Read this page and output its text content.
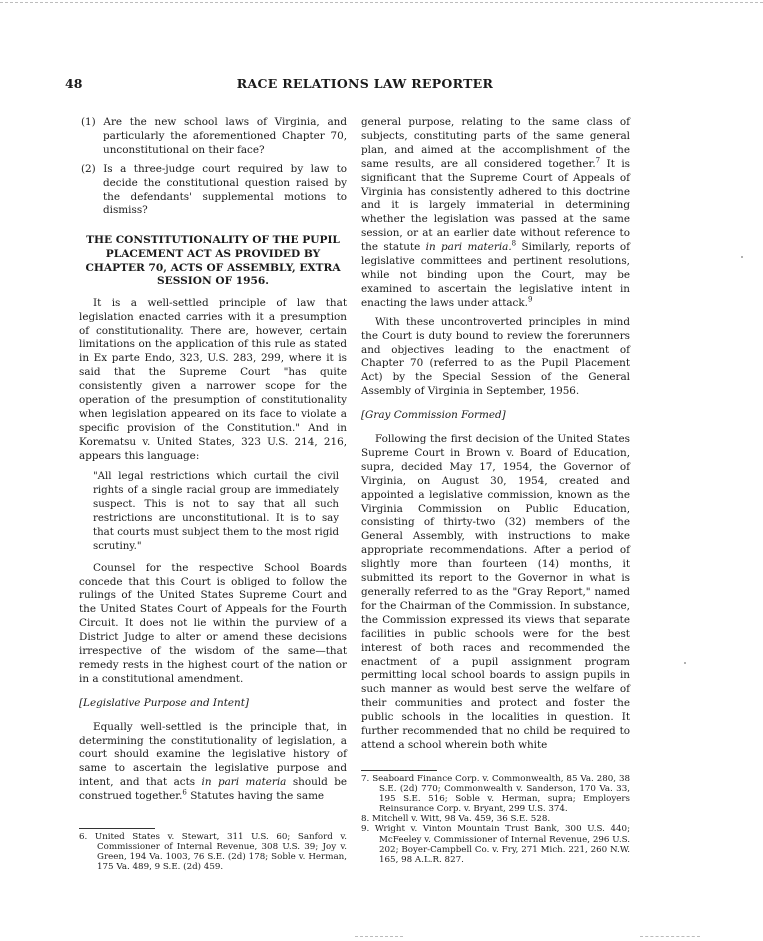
48	RACE RELATIONS LAW REPORTER

(1) Are the new school laws of Virginia, and particularly the aforementioned Chapter 70, unconstitutional on their face?

(2) Is a three-judge court required by law to decide the constitutional question raised by the defendants' supplemental motions to dismiss?

THE CONSTITUTIONALITY OF THE PUPIL PLACEMENT ACT AS PROVIDED BY CHAPTER 70, ACTS OF ASSEMBLY, EXTRA SESSION OF 1956.

It is a well-settled principle of law that legislation enacted carries with it a presumption of constitutionality. There are, however, certain limitations on the application of this rule as stated in Ex parte Endo, 323, U.S. 283, 299, where it is said that the Supreme Court "has quite consistently given a narrower scope for the operation of the presumption of constitutionality when legislation appeared on its face to violate a specific provision of the Constitution." And in Korematsu v. United States, 323 U.S. 214, 216, appears this language:

"All legal restrictions which curtail the civil rights of a single racial group are immediately suspect. This is not to say that all such restrictions are unconstitutional. It is to say that courts must subject them to the most rigid scrutiny."

Counsel for the respective School Boards concede that this Court is obliged to follow the rulings of the United States Supreme Court and the United States Court of Appeals for the Fourth Circuit. It does not lie within the purview of a District Judge to alter or amend these decisions irrespective of the wisdom of the same—that remedy rests in the highest court of the nation or in a constitutional amendment.

[Legislative Purpose and Intent]

Equally well-settled is the principle that, in determining the constitutionality of legislation, a court should examine the legislative history of same to ascertain the legislative purpose and intent, and that acts in pari materia should be construed together.$^6$ Statutes having the same

6. United States v. Stewart, 311 U.S. 60; Sanford v. Commissioner of Internal Revenue, 308 U.S. 39; Joy v. Green, 194 Va. 1003, 76 S.E. (2d) 178; Soble v. Herman, 175 Va. 489, 9 S.E. (2d) 459.

general purpose, relating to the same class of subjects, constituting parts of the same general plan, and aimed at the accomplishment of the same results, are all considered together.$^7$ It is significant that the Supreme Court of Appeals of Virginia has consistently adhered to this doctrine and it is largely immaterial in determining whether the legislation was passed at the same session, or at an earlier date without reference to the statute in pari materia.$^8$ Similarly, reports of legislative committees and pertinent resolutions, while not binding upon the Court, may be examined to ascertain the legislative intent in enacting the laws under attack.$^9$

With these uncontroverted principles in mind the Court is duty bound to review the forerunners and objectives leading to the enactment of Chapter 70 (referred to as the Pupil Placement Act) by the Special Session of the General Assembly of Virginia in September, 1956.

[Gray Commission Formed]

Following the first decision of the United States Supreme Court in Brown v. Board of Education, supra, decided May 17, 1954, the Governor of Virginia, on August 30, 1954, created and appointed a legislative commission, known as the Virginia Commission on Public Education, consisting of thirty-two (32) members of the General Assembly, with instructions to make appropriate recommendations. After a period of slightly more than fourteen (14) months, it submitted its report to the Governor in what is generally referred to as the "Gray Report," named for the Chairman of the Commission. In substance, the Commission expressed its views that separate facilities in public schools were for the best interest of both races and recommended the enactment of a pupil assignment program permitting local school boards to assign pupils in such manner as would best serve the welfare of their communities and protect and foster the public schools in the localities in question. It further recommended that no child be required to attend a school wherein both white

7. Seaboard Finance Corp. v. Commonwealth, 85 Va. 280, 38 S.E. (2d) 770; Commonwealth v. Sanderson, 170 Va. 33, 195 S.E. 516; Soble v. Herman, supra; Employers Reinsurance Corp. v. Bryant, 299 U.S. 374.
8. Mitchell v. Witt, 98 Va. 459, 36 S.E. 528.
9. Wright v. Vinton Mountain Trust Bank, 300 U.S. 440; McFeeley v. Commissioner of Internal Revenue, 296 U.S. 202; Boyer-Campbell Co. v. Fry, 271 Mich. 221, 260 N.W. 165, 98 A.L.R. 827.
